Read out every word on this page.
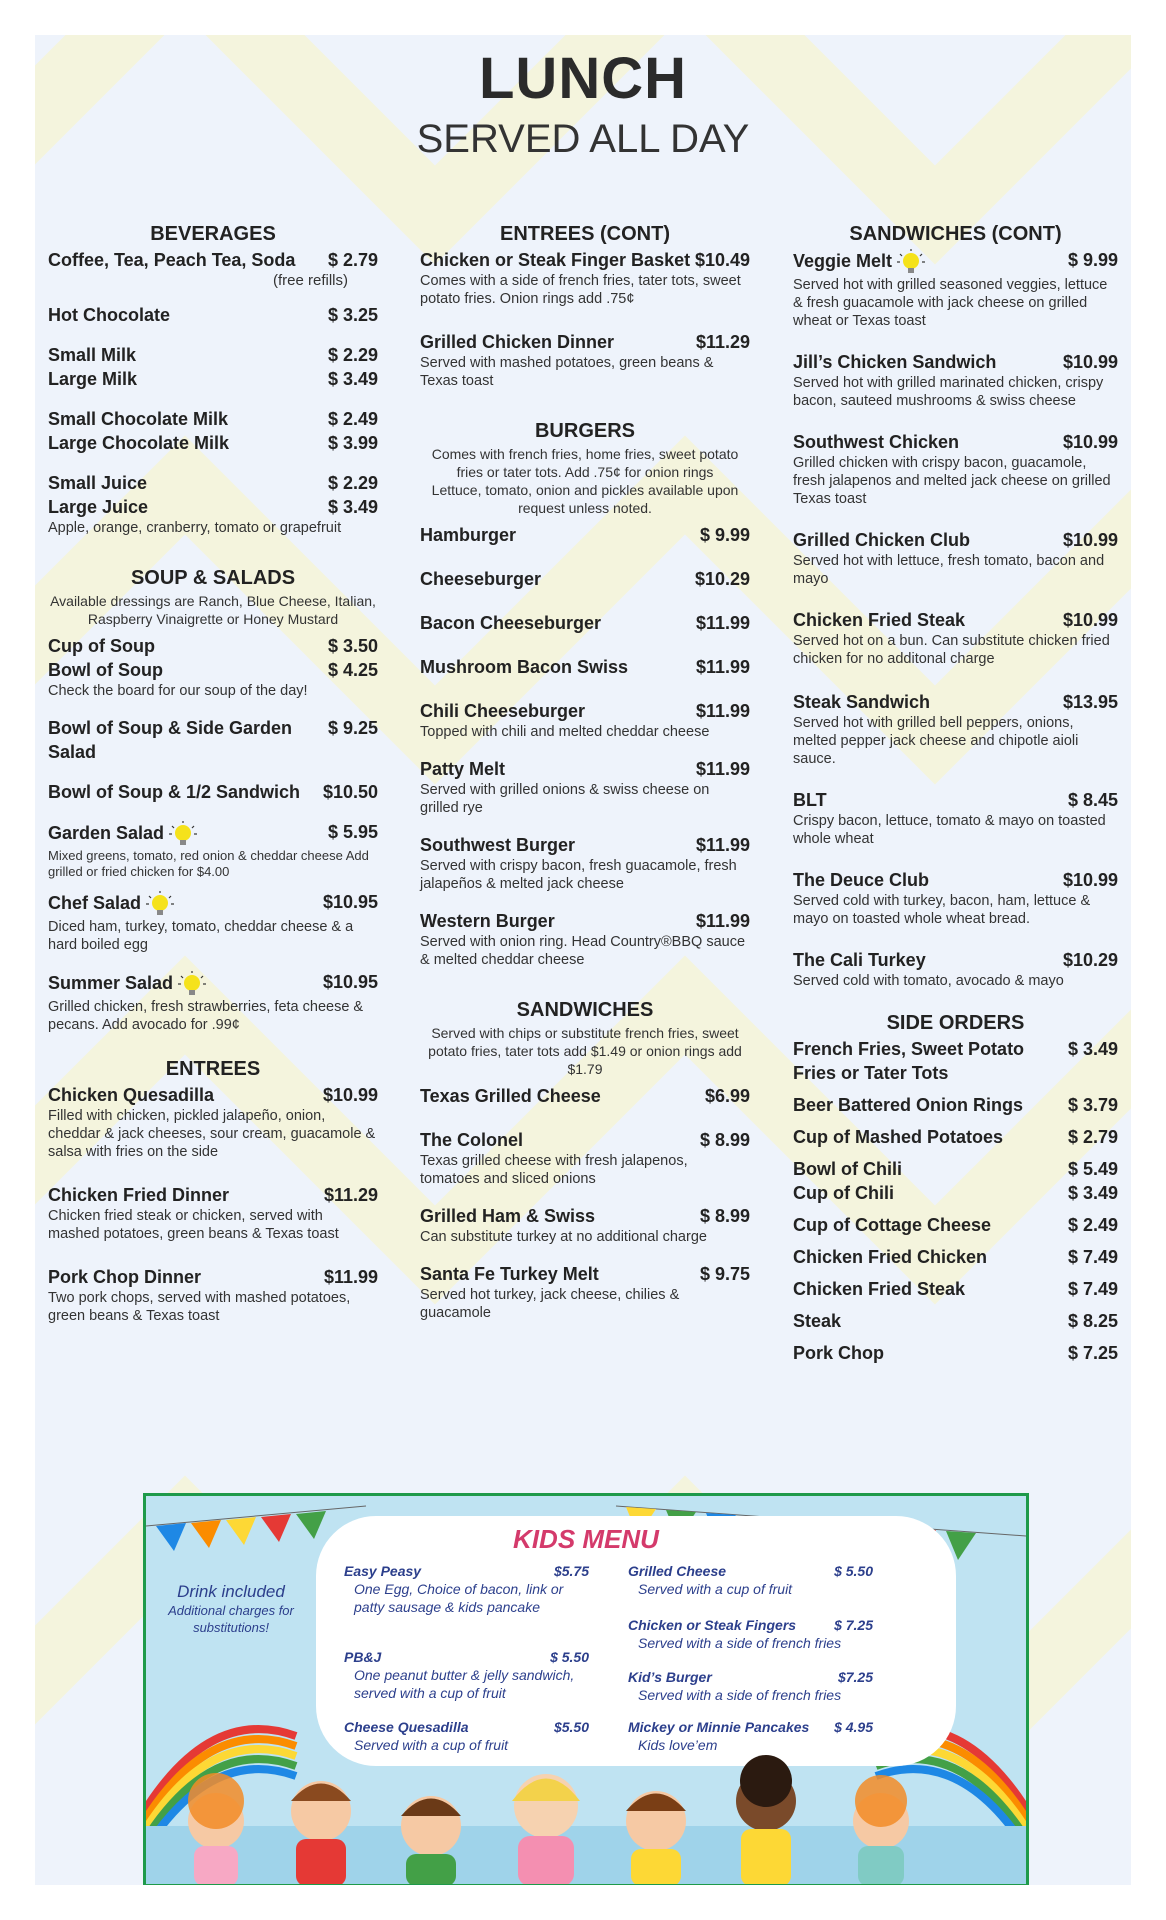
LUNCH
SERVED ALL DAY
BEVERAGES
Coffee, Tea, Peach Tea, Soda $ 2.79
(free refills)
Hot Chocolate	$ 3.25
Small Milk	$ 2.29
Large Milk	$ 3.49
Small Chocolate Milk	$ 2.49
Large Chocolate Milk	$ 3.99
Small Juice	$ 2.29
Large Juice	$ 3.49
Apple, orange, cranberry, tomato or grapefruit
SOUP & SALADS
Available dressings are Ranch, Blue Cheese, Italian, Raspberry Vinaigrette or Honey Mustard
Cup of Soup	$ 3.50
Bowl of Soup	$ 4.25
Check the board for our soup of the day!
Bowl of Soup & Side Garden Salad
$ 9.25
Bowl of Soup & 1/2 Sandwich $10.50
Garden Salad	$ 5.95
Mixed greens, tomato, red onion & cheddar cheese Add grilled or fried chicken for $4.00
Chef Salad	$10.95
Diced ham, turkey, tomato, cheddar cheese & a hard boiled egg
Summer Salad	$10.95
Grilled chicken, fresh strawberries, feta cheese & pecans. Add avocado for .99¢
ENTREES
Chicken Quesadilla	$10.99
Filled with chicken, pickled jalapeño, onion, cheddar & jack cheeses, sour cream, guacamole & salsa with fries on the side
Chicken Fried Dinner	$11.29
Chicken fried steak or chicken, served with mashed potatoes, green beans & Texas toast
Pork Chop Dinner	$11.99
Two pork chops, served with mashed potatoes, green beans & Texas toast
ENTREES (CONT)
Chicken or Steak Finger Basket $10.49
Comes with a side of french fries, tater tots, sweet potato fries. Onion rings add .75¢
Grilled Chicken Dinner	$11.29
Served with mashed potatoes, green beans & Texas toast
BURGERS
Comes with french fries, home fries, sweet potato fries or tater tots. Add .75¢ for onion rings
Lettuce, tomato, onion and pickles available upon request unless noted.
Hamburger	$ 9.99
Cheeseburger	$10.29
Bacon Cheeseburger	$11.99
Mushroom Bacon Swiss	$11.99
Chili Cheeseburger	$11.99
Topped with chili and melted cheddar cheese
Patty Melt	$11.99
Served with grilled onions & swiss cheese on grilled rye
Southwest Burger	$11.99
Served with crispy bacon, fresh guacamole, fresh jalapeños & melted jack cheese
Western Burger	$11.99
Served with onion ring. Head Country®BBQ sauce & melted cheddar cheese
SANDWICHES
Served with chips or substitute french fries, sweet potato fries, tater tots add $1.49 or onion rings add $1.79
Texas Grilled Cheese	$6.99
The Colonel	$ 8.99
Texas grilled cheese with fresh jalapenos, tomatoes and sliced onions
Grilled Ham & Swiss	$ 8.99
Can substitute turkey at no additional charge
Santa Fe Turkey Melt	$ 9.75
Served hot turkey, jack cheese, chilies & guacamole
SANDWICHES (CONT)
Veggie Melt	$ 9.99
Served hot with grilled seasoned veggies, lettuce & fresh guacamole with jack cheese on grilled wheat or Texas toast
Jill’s Chicken Sandwich	$10.99
Served hot with grilled marinated chicken, crispy bacon, sauteed mushrooms & swiss cheese
Southwest Chicken	$10.99
Grilled chicken with crispy bacon, guacamole, fresh jalapenos and melted jack cheese on grilled Texas toast
Grilled Chicken Club	$10.99
Served hot with lettuce, fresh tomato, bacon and mayo
Chicken Fried Steak	$10.99
Served hot on a bun. Can substitute chicken fried chicken for no additonal charge
Steak Sandwich	$13.95
Served hot with grilled bell peppers, onions, melted pepper jack cheese and chipotle aioli sauce.
BLT	$ 8.45
Crispy bacon, lettuce, tomato & mayo on toasted whole wheat
The Deuce Club	$10.99
Served cold with turkey, bacon, ham, lettuce & mayo on toasted whole wheat bread.
The Cali Turkey	$10.29
Served cold with tomato, avocado & mayo
SIDE ORDERS
French Fries, Sweet Potato Fries or Tater Tots
$ 3.49
Beer Battered Onion Rings $ 3.79
Cup of Mashed Potatoes	$ 2.79
Bowl of Chili	$ 5.49
Cup of Chili	$ 3.49
Cup of Cottage Cheese	$ 2.49
Chicken Fried Chicken	$ 7.49
Chicken Fried Steak	$ 7.49
Steak	$ 8.25
Pork Chop	$ 7.25
KIDS MENU
Drink included
Additional charges for substitutions!
Easy Peasy	$5.75
One Egg, Choice of bacon, link or patty sausage & kids pancake
PB&J	$ 5.50
One peanut butter & jelly sandwich, served with a cup of fruit
Cheese Quesadilla	$5.50
Served with a cup of fruit
Grilled Cheese	$ 5.50
Served with a cup of fruit
Chicken or Steak Fingers	$ 7.25
Served with a side of french fries
Kid’s Burger	$7.25
Served with a side of french fries
Mickey or Minnie Pancakes	$ 4.95
Kids love’em
